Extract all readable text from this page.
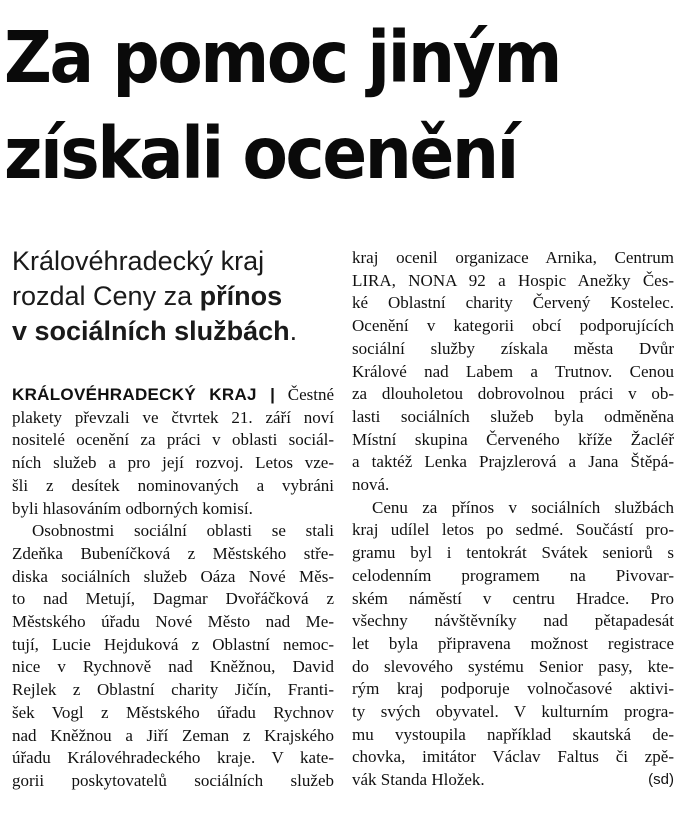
Za pomoc jiným
získali ocenění
Královéhradecký kraj
rozdal Ceny za přínos
v sociálních službách.
KRÁLOVÉHRADECKÝ KRAJ | Čestné
plakety převzali ve čtvrtek 21. září noví
nositelé ocenění za práci v oblasti sociál-
ních služeb a pro její rozvoj. Letos vze-
šli z desítek nominovaných a vybráni
byli hlasováním odborných komisí.
Osobnostmi sociální oblasti se stali
Zdeňka Bubeníčková z Městského stře-
diska sociálních služeb Oáza Nové Měs-
to nad Metují, Dagmar Dvořáčková z
Městského úřadu Nové Město nad Me-
tují, Lucie Hejduková z Oblastní nemoc-
nice v Rychnově nad Kněžnou, David
Rejlek z Oblastní charity Jičín, Franti-
šek Vogl z Městského úřadu Rychnov
nad Kněžnou a Jiří Zeman z Krajského
úřadu Královéhradeckého kraje. V kate-
gorii poskytovatelů sociálních služeb
kraj ocenil organizace Arnika, Centrum
LIRA, NONA 92 a Hospic Anežky Čes-
ké Oblastní charity Červený Kostelec.
Ocenění v kategorii obcí podporujících
sociální služby získala města Dvůr
Králové nad Labem a Trutnov. Cenou
za dlouholetou dobrovolnou práci v ob-
lasti sociálních služeb byla odměněna
Místní skupina Červeného kříže Žacléř
a taktéž Lenka Prajzlerová a Jana Štěpá-
nová.
Cenu za přínos v sociálních službách
kraj udílel letos po sedmé. Součástí pro-
gramu byl i tentokrát Svátek seniorů s
celodenním programem na Pivovar-
ském náměstí v centru Hradce. Pro
všechny návštěvníky nad pětapadesát
let byla připravena možnost registrace
do slevového systému Senior pasy, kte-
rým kraj podporuje volnočasové aktivi-
ty svých obyvatel. V kulturním progra-
mu vystoupila například skautská de-
chovka, imitátor Václav Faltus či zpě-
vák Standa Hložek.	(sd)
